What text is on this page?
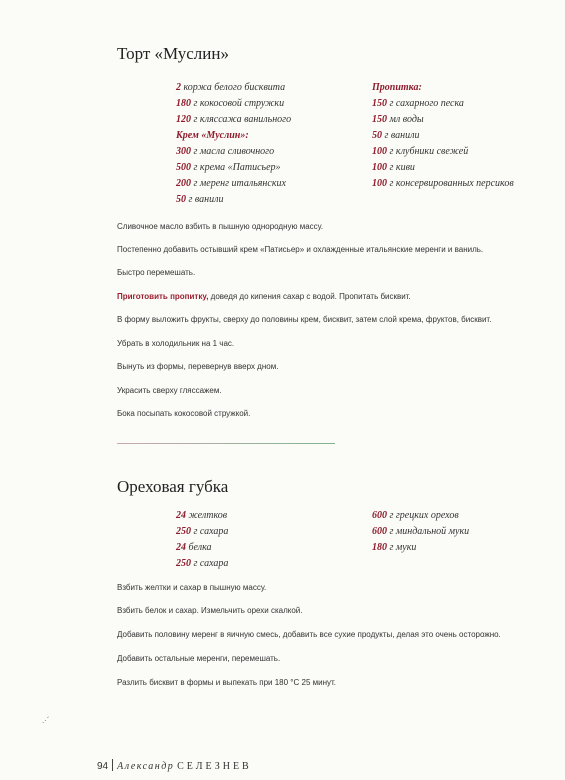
Торт «Муслин»
2 коржа белого бисквита
180 г кокосовой стружки
120 г кляссажа ванильного
Крем «Муслин»:
300 г масла сливочного
500 г крема «Патисьер»
200 г меренг итальянских
50 г ванили
Пропитка:
150 г сахарного песка
150 мл воды
50 г ванили
100 г клубники свежей
100 г киви
100 г консервированных персиков

Сливочное масло взбить в пышную однородную массу.

Постепенно добавить остывший крем «Патисьер» и охлажденные итальянские меренги и ваниль.

Быстро перемешать.

Приготовить пропитку, доведя до кипения сахар с водой. Пропитать бисквит.

В форму выложить фрукты, сверху до половины крем, бисквит, затем слой крема, фруктов, бисквит.

Убрать в холодильник на 1 час.

Вынуть из формы, перевернув вверх дном.

Украсить сверху глясcажем.

Бока посыпать кокосовой стружкой.

Ореховая губка
24 желтков
250 г сахара
24 белка
250 г сахара
600 г грецких орехов
600 г миндальной муки
180 г муки

Взбить желтки и сахар в пышную массу.

Взбить белок и сахар. Измельчить орехи скалкой.

Добавить половину меренг в яичную смесь, добавить все сухие продукты, делая это очень осторожно.

Добавить остальные меренги, перемешать.

Разлить бисквит в формы и выпекать при 180 °С 25 минут.

.·´
94 Александр СЕЛЕЗНЕВ
